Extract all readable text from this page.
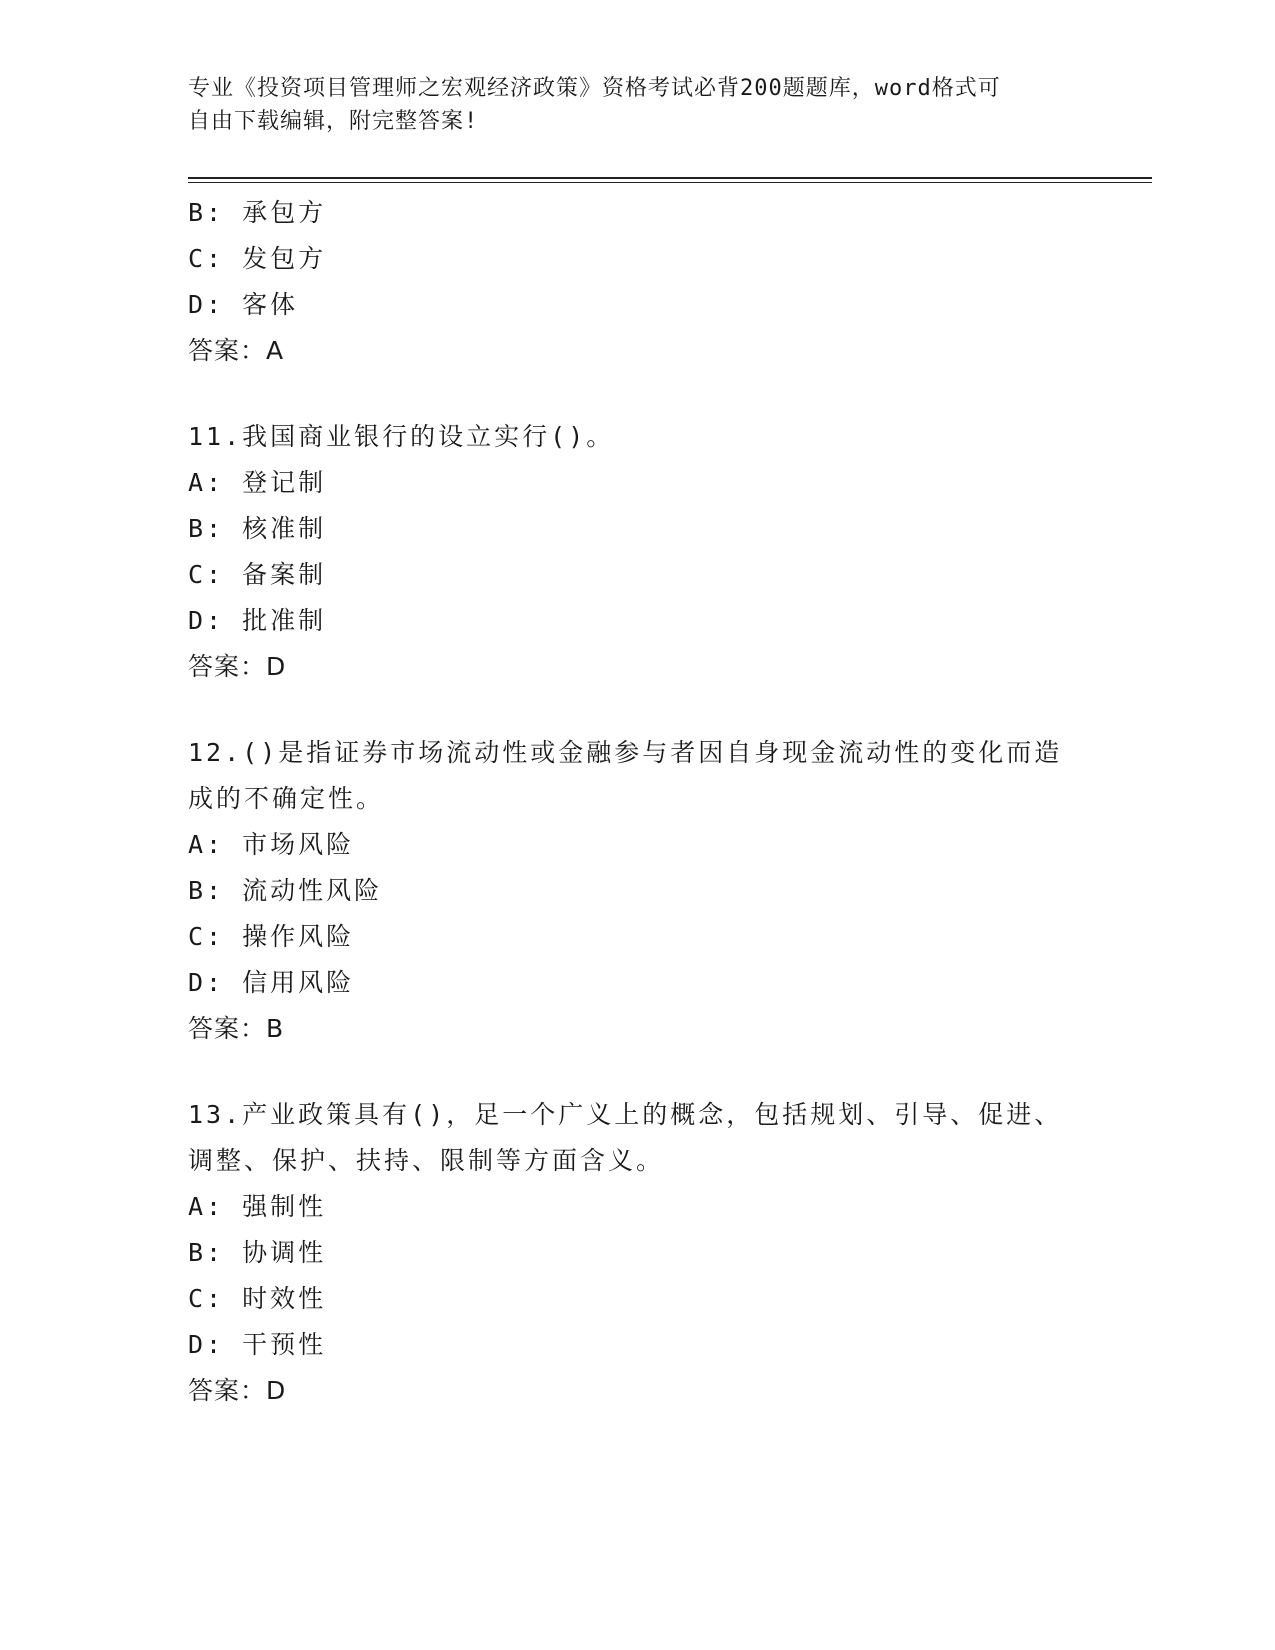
专业《投资项目管理师之宏观经济政策》资格考试必背200题题库，word格式可
自由下载编辑，附完整答案!
B: 承包方
C: 发包方
D: 客体
答案：A
11.我国商业银行的设立实行()。
A: 登记制
B: 核准制
C: 备案制
D: 批准制
答案：D
12.()是指证券市场流动性或金融参与者因自身现金流动性的变化而造
成的不确定性。
A: 市场风险
B: 流动性风险
C: 操作风险
D: 信用风险
答案：B
13.产业政策具有()，足一个广义上的概念，包括规划、引导、促进、
调整、保护、扶持、限制等方面含义。
A: 强制性
B: 协调性
C: 时效性
D: 干预性
答案：D
